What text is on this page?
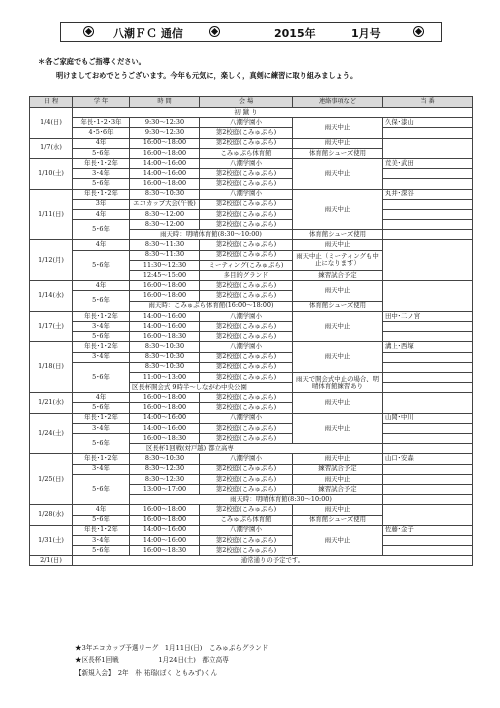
八潮ＦＣ 通信	2015年	1月号
＊各ご家庭でもご指導ください。
明けましておめでとうございます。今年も元気に，楽しく，真剣に練習に取り組みましょう。
日 程	学 年	時 間	会 場	連絡事項など	当 番
1/4(日)	初 蹴 り				
	年長･1･2･3年	9:30〜12:30	八潮学園小	雨天中止	久保･漆山
	4･5･6年	9:30〜12:30	第2校庭(こみゅぷら)		
1/7(水)	4年	16:00〜18:00	第2校庭(こみゅぷら)	雨天中止	
	5･6年	16:00〜18:00	こみゅぷら体育館	体育館シューズ使用	
1/10(土)	年長･1･2年	14:00〜16:00	八潮学園小	雨天中止	荒美･武田
	3･4年	14:00〜16:00	第2校庭(こみゅぷら)		
	5･6年	16:00〜18:00	第2校庭(こみゅぷら)		
1/11(日)	年長･1･2年	8:30〜10:30	八潮学園小	雨天中止	丸井･深谷
	3年	エコカップ大会(午後)	第2校庭(こみゅぷら)		
	4年	8:30〜12:00	第2校庭(こみゅぷら)		
	5･6年	8:30〜12:00	第2校庭(こみゅぷら)		
		雨天時：明晴体育館(8:30〜10:00)		体育館シューズ使用	
1/12(月)	4年	8:30〜11:30	第2校庭(こみゅぷら)	雨天中止	
	5･6年	8:30〜11:30	第2校庭(こみゅぷら)	雨天中止（ミーティングも中止になります）	
		11:30〜12:30	ミーティング(こみゅぷら)		
		12:45〜15:00	多目的グランド	練習試合予定	
1/14(水)	4年	16:00〜18:00	第2校庭(こみゅぷら)	雨天中止	
	5･6年	16:00〜18:00	第2校庭(こみゅぷら)		
		雨天時：こみゅぷら体育館(16:00〜18:00)		体育館シューズ使用	
1/17(土)	年長･1･2年	14:00〜16:00	八潮学園小	雨天中止	田中･二ノ宮
	3･4年	14:00〜16:00	第2校庭(こみゅぷら)		
	5･6年	16:00〜18:30	第2校庭(こみゅぷら)		
1/18(日)	年長･1･2年	8:30〜10:30	八潮学園小	雨天中止	溝上･西塚
	3･4年	8:30〜10:30	第2校庭(こみゅぷら)		
	5･6年	8:30〜10:30	第2校庭(こみゅぷら)		
		11:00〜13:00	第2校庭(こみゅぷら)	雨天で開会式中止の場合、明晴体育館練習あり	
		区長杯開会式 9時半〜しながわ中央公園			
1/21(水)	4年	16:00〜18:00	第2校庭(こみゅぷら)	雨天中止	
	5･6年	16:00〜18:00	第2校庭(こみゅぷら)		
1/24(土)	年長･1･2年	14:00〜16:00	八潮学園小	雨天中止	山岡･中川
	3･4年	14:00〜16:00	第2校庭(こみゅぷら)		
	5･6年	16:00〜18:30	第2校庭(こみゅぷら)		
		区長杯1回戦(対戸越) 都立高専			
1/25(日)	年長･1･2年	8:30〜10:30	八潮学園小	雨天中止	山口･安森
	3･4年	8:30〜12:30	第2校庭(こみゅぷら)	練習試合予定	
	5･6年	8:30〜12:30	第2校庭(こみゅぷら)	雨天中止	
		13:00〜17:00	第2校庭(こみゅぷら)	練習試合予定	
		雨天時：明晴体育館(8:30〜10:00)			
1/28(水)	4年	16:00〜18:00	第2校庭(こみゅぷら)	雨天中止	
	5･6年	16:00〜18:00	こみゅぷら体育館	体育館シューズ使用	
1/31(土)	年長･1･2年	14:00〜16:00	八潮学園小	雨天中止	佐藤･金子
	3･4年	14:00〜16:00	第2校庭(こみゅぷら)		
	5･6年	16:00〜18:30	第2校庭(こみゅぷら)		
2/1(日)	通常通りの予定です。				
★3年エコカップ予選リーグ　1月11日(日)　こみゅぷらグランド
★区長杯1回戦　　　　　　1月24日(土)　都立高専
【新規入会】　2年　朴 祐瑞(ぼく ともみず)くん
